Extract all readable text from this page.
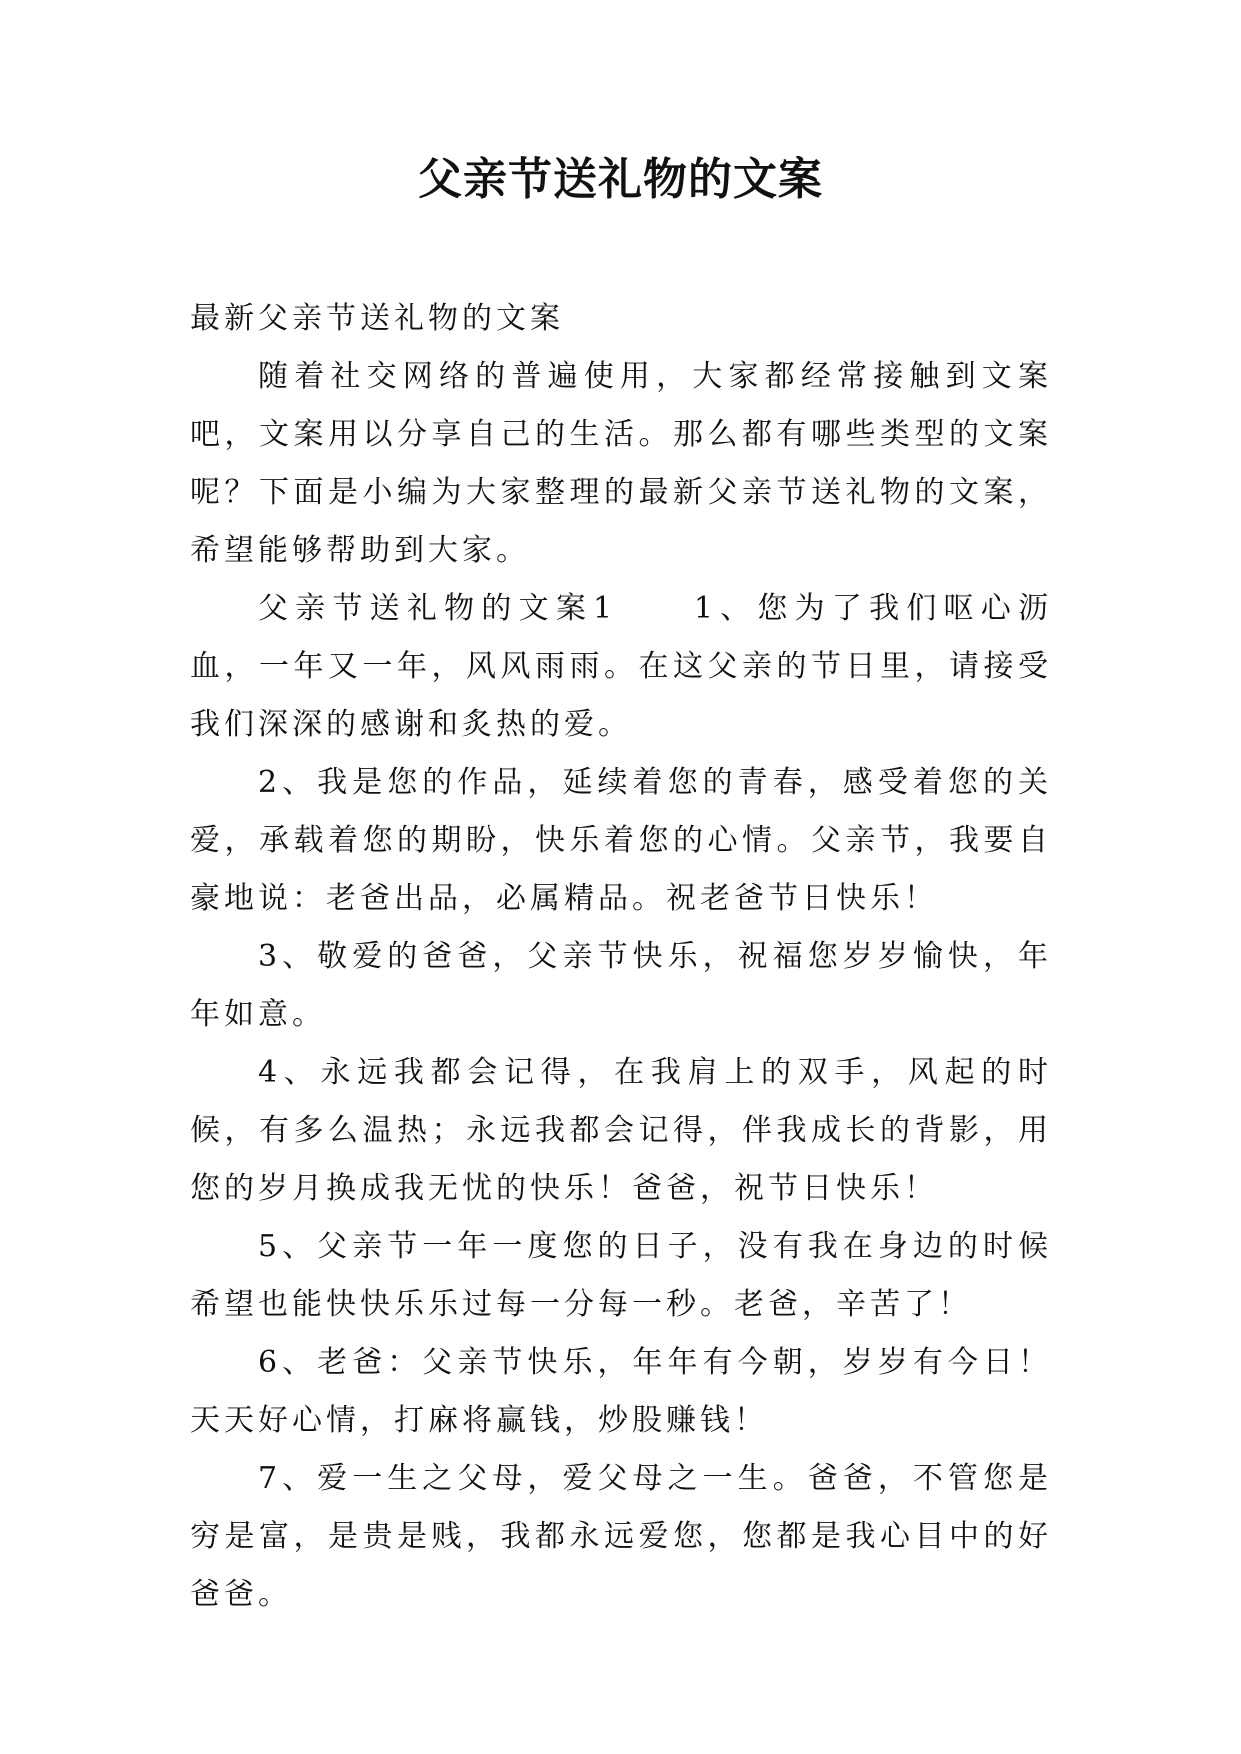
父亲节送礼物的文案

最新父亲节送礼物的文案

随着社交网络的普遍使用，大家都经常接触到文案吧，文案用以分享自己的生活。那么都有哪些类型的文案呢？下面是小编为大家整理的最新父亲节送礼物的文案，希望能够帮助到大家。

父亲节送礼物的文案1　　1、您为了我们呕心沥血，一年又一年，风风雨雨。在这父亲的节日里，请接受我们深深的感谢和炙热的爱。

2、我是您的作品，延续着您的青春，感受着您的关爱，承载着您的期盼，快乐着您的心情。父亲节，我要自豪地说：老爸出品，必属精品。祝老爸节日快乐！

3、敬爱的爸爸，父亲节快乐，祝福您岁岁愉快，年年如意。

4、永远我都会记得，在我肩上的双手，风起的时候，有多么温热；永远我都会记得，伴我成长的背影，用您的岁月换成我无忧的快乐！爸爸，祝节日快乐！

5、父亲节一年一度您的日子，没有我在身边的时候希望也能快快乐乐过每一分每一秒。老爸，辛苦了！

6、老爸：父亲节快乐，年年有今朝，岁岁有今日！天天好心情，打麻将赢钱，炒股赚钱！

7、爱一生之父母，爱父母之一生。爸爸，不管您是穷是富，是贵是贱，我都永远爱您，您都是我心目中的好爸爸。
